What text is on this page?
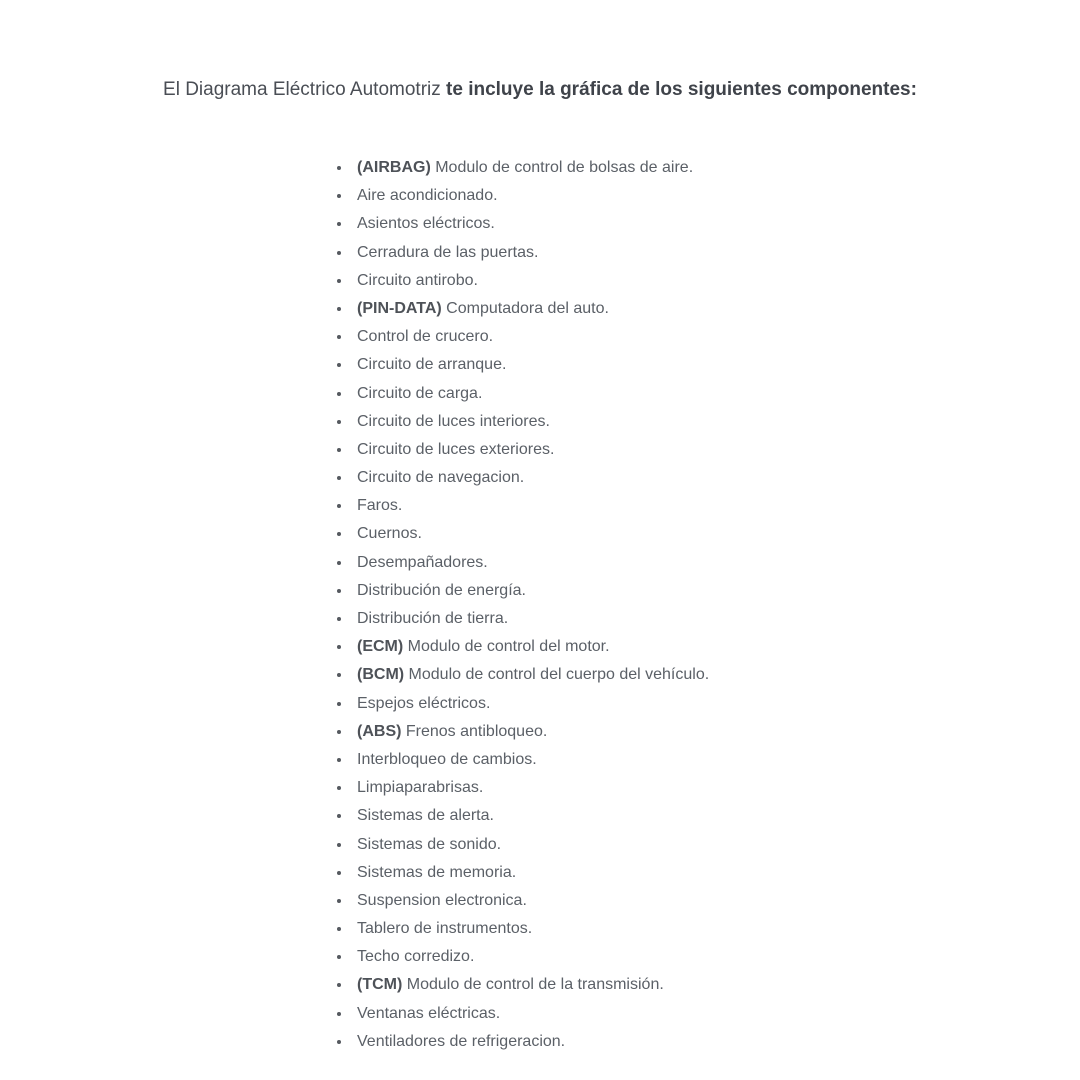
El Diagrama Eléctrico Automotriz te incluye la gráfica de los siguientes componentes:
(AIRBAG) Modulo de control de bolsas de aire.
Aire acondicionado.
Asientos eléctricos.
Cerradura de las puertas.
Circuito antirobo.
(PIN-DATA) Computadora del auto.
Control de crucero.
Circuito de arranque.
Circuito de carga.
Circuito de luces interiores.
Circuito de luces exteriores.
Circuito de navegacion.
Faros.
Cuernos.
Desempañadores.
Distribución de energía.
Distribución de tierra.
(ECM) Modulo de control del motor.
(BCM) Modulo de control del cuerpo del vehículo.
Espejos eléctricos.
(ABS) Frenos antibloqueo.
Interbloqueo de cambios.
Limpiaparabrisas.
Sistemas de alerta.
Sistemas de sonido.
Sistemas de memoria.
Suspension electronica.
Tablero de instrumentos.
Techo corredizo.
(TCM) Modulo de control de la transmisión.
Ventanas eléctricas.
Ventiladores de refrigeracion.
